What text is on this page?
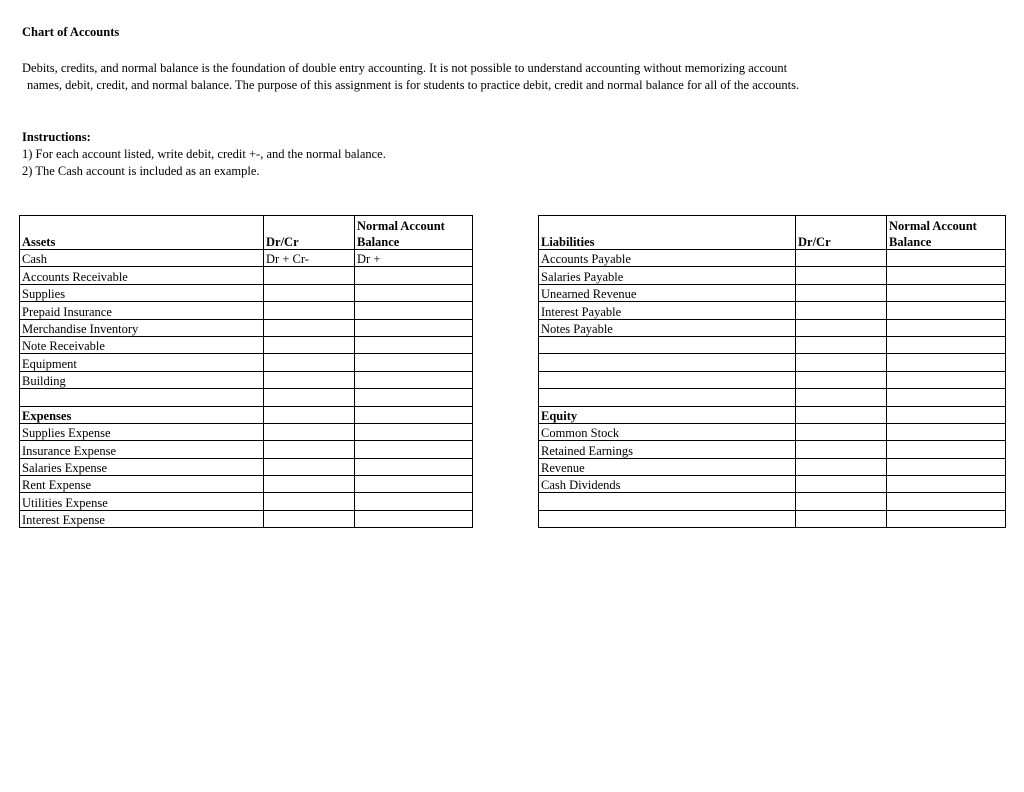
Chart of Accounts

Debits, credits, and normal balance is the foundation of double entry accounting. It is not possible to understand accounting without memorizing account

names, debit, credit, and normal balance. The purpose of this assignment is for students to practice debit, credit and normal balance for all of the accounts.

Instructions:

1) For each account listed, write debit, credit +-, and the normal balance.

2) The Cash account is included as an example.

		Normal Account
Assets	Dr/Cr	Balance
Cash	Dr + Cr-	Dr +
Accounts Receivable		
Supplies		
Prepaid Insurance		
Merchandise Inventory		
Note Receivable		
Equipment		
Building		

Expenses		
Supplies Expense		
Insurance Expense		
Salaries Expense		
Rent Expense		
Utilities Expense		
Interest Expense		
		Normal Account
Liabilities	Dr/Cr	Balance
Accounts Payable		
Salaries Payable		
Unearned Revenue		
Interest Payable		
Notes Payable		

Equity		
Common Stock		
Retained Earnings		
Revenue		
Cash Dividends		
